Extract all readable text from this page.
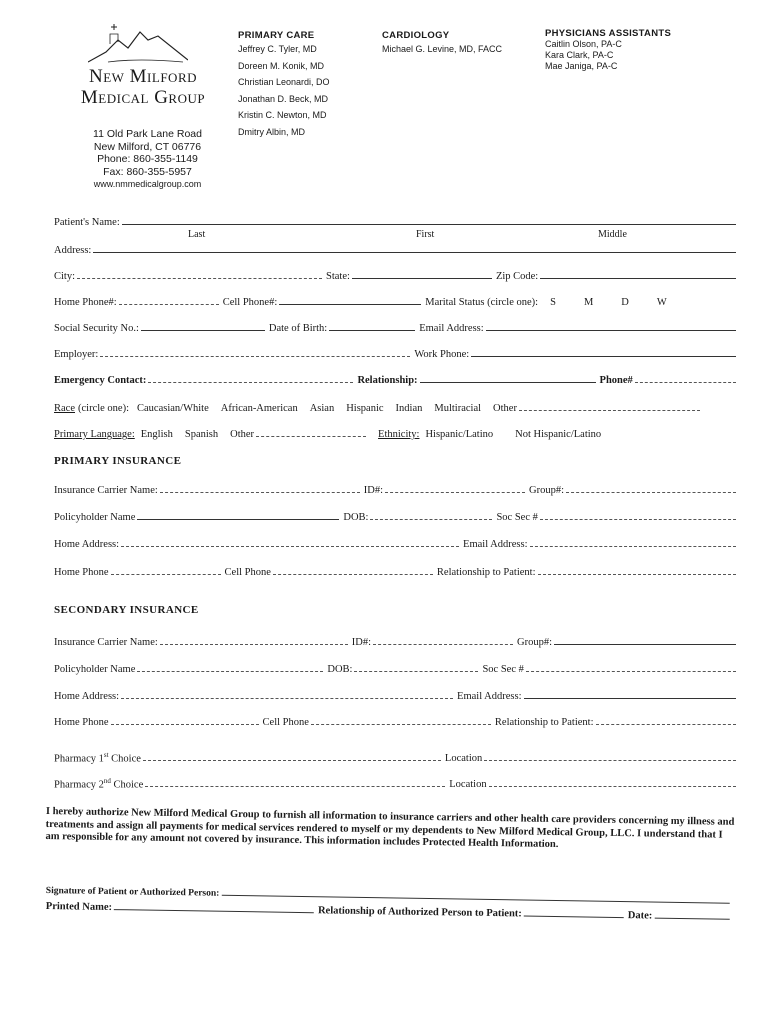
New Milford
Medical Group
11 Old Park Lane Road
New Milford, CT 06776
Phone: 860-355-1149
Fax: 860-355-5957
www.nmmedicalgroup.com
PRIMARY CARE
Jeffrey C. Tyler, MD
Doreen M. Konik, MD
Christian Leonardi, DO
Jonathan D. Beck, MD
Kristin C. Newton, MD
Dmitry Albin, MD
CARDIOLOGY
Michael G. Levine, MD, FACC
PHYSICIANS ASSISTANTS
Caitlin Olson, PA-C
Kara Clark, PA-C
Mae Janiga, PA-C
Patient's Name:
Last	First	Middle
Address:
City:	State:	Zip Code:
Home Phone#:	Cell Phone#:	Marital Status (circle one): S	M	D	W
Social Security No.:	Date of Birth:	Email Address:
Employer:	Work Phone:
Emergency Contact:	Relationship:	Phone#
Race (circle one): Caucasian/White African-American Asian Hispanic Indian Multiracial Other
Primary Language: English Spanish Other	Ethnicity: Hispanic/Latino Not Hispanic/Latino
PRIMARY INSURANCE
Insurance Carrier Name:	ID#:	Group#:
Policyholder Name	DOB:	Soc Sec #
Home Address:	Email Address:
Home Phone	Cell Phone	Relationship to Patient:
SECONDARY INSURANCE
Insurance Carrier Name:	ID#:	Group#:
Policyholder Name	DOB:	Soc Sec #
Home Address:	Email Address:
Home Phone	Cell Phone	Relationship to Patient:
Pharmacy 1st Choice	Location
Pharmacy 2nd Choice	Location
I hereby authorize New Milford Medical Group to furnish all information to insurance carriers and other health care providers concerning my illness and treatments and assign all payments for medical services rendered to myself or my dependents to New Milford Medical Group, LLC. I understand that I am responsible for any amount not covered by insurance. This information includes Protected Health Information.
Signature of Patient or Authorized Person:
Printed Name:	Relationship of Authorized Person to Patient:	Date:
